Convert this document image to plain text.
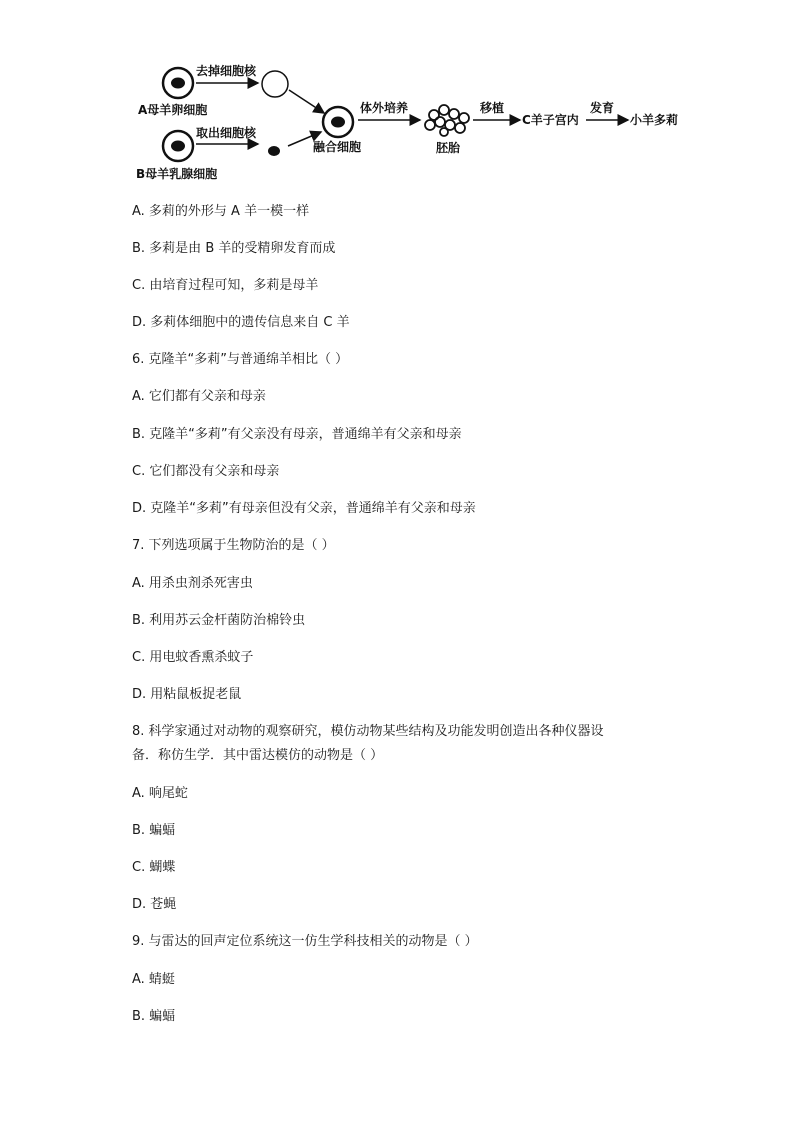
A母羊卵细胞
去掉细胞核
B母羊乳腺细胞
取出细胞核
融合细胞
体外培养
胚胎
移植
C羊子宫内
发育
小羊多莉
A. 多莉的外形与 A 羊一模一样
B. 多莉是由 B 羊的受精卵发育而成
C. 由培育过程可知，多莉是母羊
D. 多莉体细胞中的遗传信息来自 C 羊
6. 克隆羊“多莉”与普通绵羊相比（ ）
A. 它们都有父亲和母亲
B. 克隆羊“多莉”有父亲没有母亲，普通绵羊有父亲和母亲
C. 它们都没有父亲和母亲
D. 克隆羊“多莉”有母亲但没有父亲，普通绵羊有父亲和母亲
7. 下列选项属于生物防治的是（ ）
A. 用杀虫剂杀死害虫
B. 利用苏云金杆菌防治棉铃虫
C. 用电蚊香熏杀蚊子
D. 用粘鼠板捉老鼠
8. 科学家通过对动物的观察研究，模仿动物某些结构及功能发明创造出各种仪器设
备．称仿生学．其中雷达模仿的动物是（ ）
A. 响尾蛇
B. 蝙蝠
C. 蝴蝶
D. 苍蝇
9. 与雷达的回声定位系统这一仿生学科技相关的动物是（ ）
A. 蜻蜓
B. 蝙蝠
